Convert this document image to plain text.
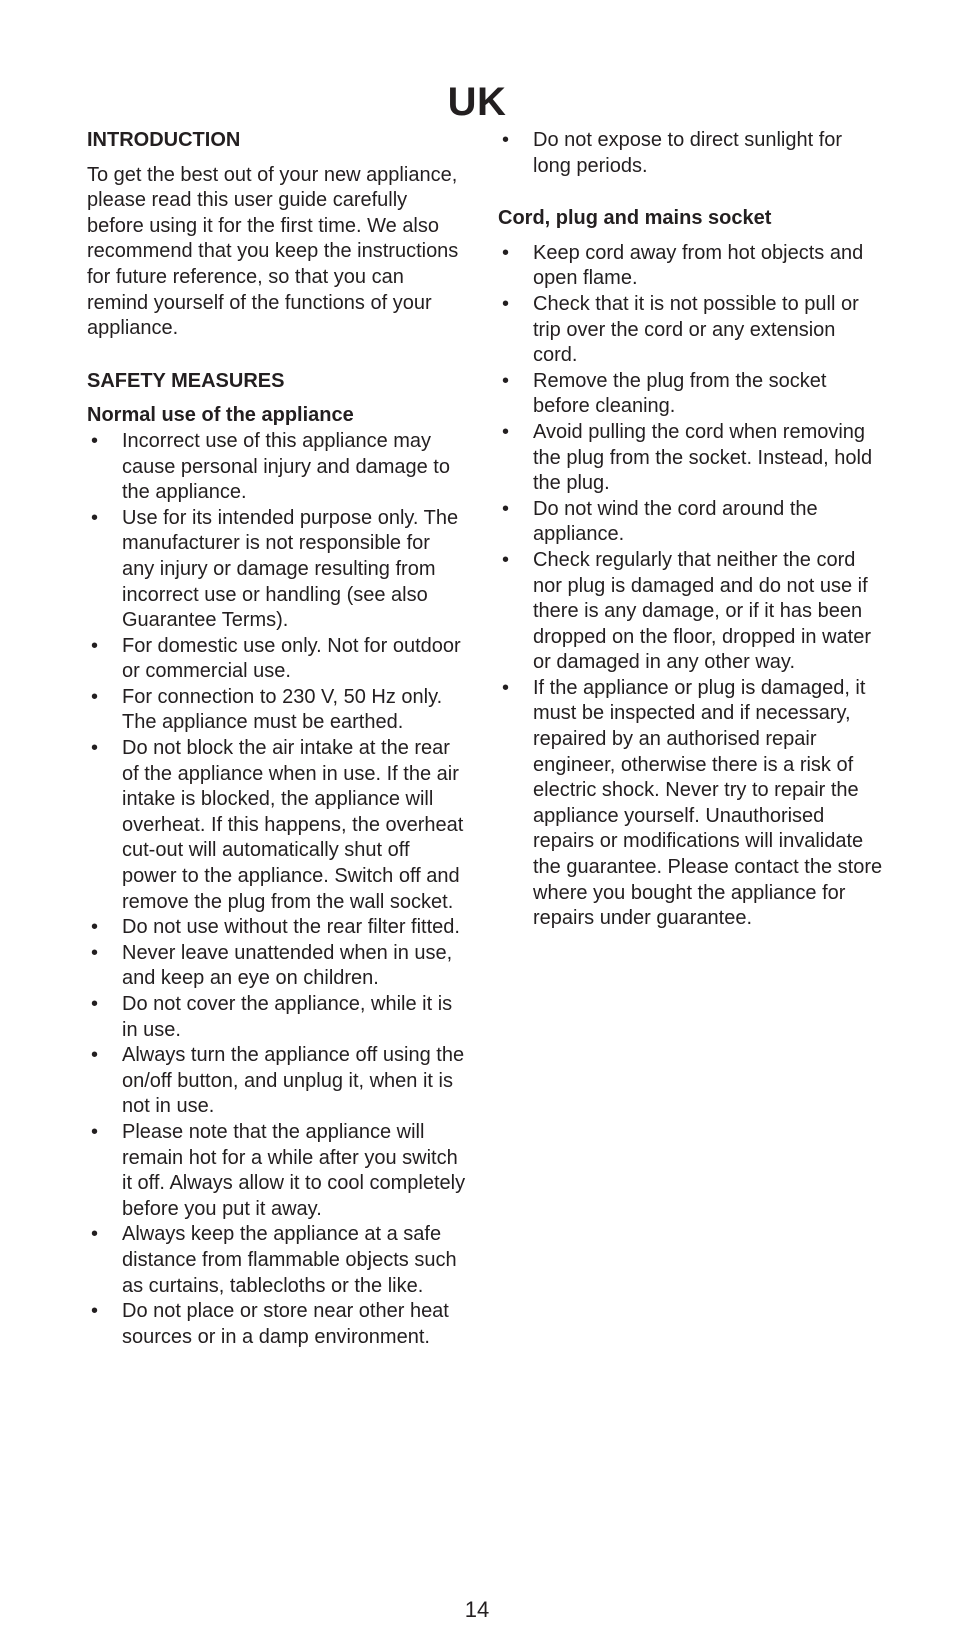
UK
INTRODUCTION

To get the best out of your new appliance, please read this user guide carefully before using it for the first time. We also recommend that you keep the instructions for future reference, so that you can remind yourself of the functions of your appliance.

SAFETY MEASURES
Normal use of the appliance
• Incorrect use of this appliance may cause personal injury and damage to the appliance.
• Use for its intended purpose only. The manufacturer is not responsible for any injury or damage resulting from incorrect use or handling (see also Guarantee Terms).
• For domestic use only. Not for outdoor or commercial use.
• For connection to 230 V, 50 Hz only. The appliance must be earthed.
• Do not block the air intake at the rear of the appliance when in use. If the air intake is blocked, the appliance will overheat. If this happens, the overheat cut-out will automatically shut off power to the appliance. Switch off and remove the plug from the wall socket.
• Do not use without the rear filter fitted.
• Never leave unattended when in use, and keep an eye on children.
• Do not cover the appliance, while it is in use.
• Always turn the appliance off using the on/off button, and unplug it, when it is not in use.
• Please note that the appliance will remain hot for a while after you switch it off. Always allow it to cool completely before you put it away.
• Always keep the appliance at a safe distance from flammable objects such as curtains, tablecloths or the like.
• Do not place or store near other heat sources or in a damp environment.
• Do not expose to direct sunlight for long periods.
Cord, plug and mains socket
• Keep cord away from hot objects and open flame.
• Check that it is not possible to pull or trip over the cord or any extension cord.
• Remove the plug from the socket before cleaning.
• Avoid pulling the cord when removing the plug from the socket. Instead, hold the plug.
• Do not wind the cord around the appliance.
• Check regularly that neither the cord nor plug is damaged and do not use if there is any damage, or if it has been dropped on the floor, dropped in water or damaged in any other way.
• If the appliance or plug is damaged, it must be inspected and if necessary, repaired by an authorised repair engineer, otherwise there is a risk of electric shock. Never try to repair the appliance yourself. Unauthorised repairs or modifications will invalidate the guarantee. Please contact the store where you bought the appliance for repairs under guarantee.
14
